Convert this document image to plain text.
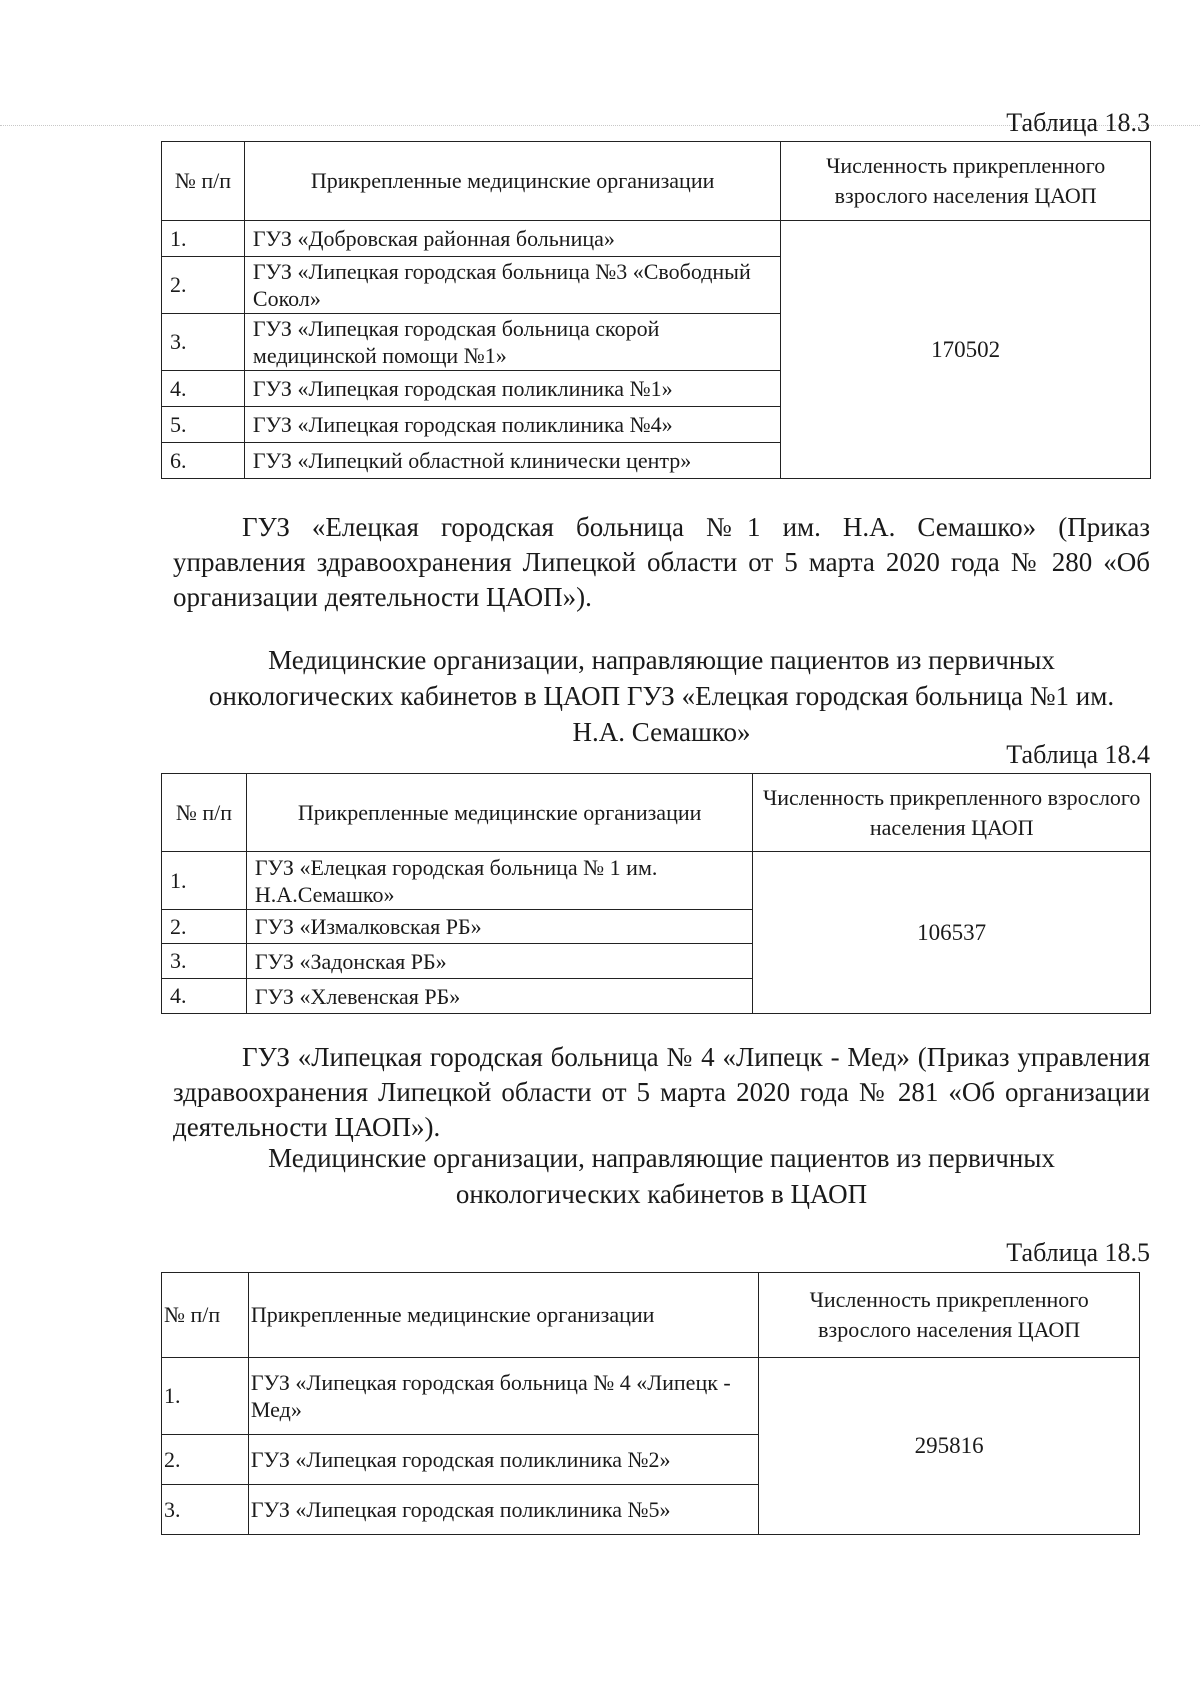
Таблица 18.3
№ п/п	Прикрепленные медицинские организации	Численность прикрепленного взрослого населения ЦАОП
1.	ГУЗ «Добровская районная больница»	170502
2.	ГУЗ «Липецкая городская больница №3 «Свободный Сокол»	
3.	ГУЗ «Липецкая городская больница скорой медицинской помощи №1»	
4.	ГУЗ «Липецкая городская поликлиника №1»	
5.	ГУЗ «Липецкая городская поликлиника №4»	
6.	ГУЗ «Липецкий областной клинически центр»	
ГУЗ «Елецкая городская больница №1 им. Н.А. Семашко» (Приказ управления здравоохранения Липецкой области от 5 марта 2020 года № 280 «Об организации деятельности ЦАОП»).
Медицинские организации, направляющие пациентов из первичных
онкологических кабинетов в ЦАОП ГУЗ «Елецкая городская больница №1 им.
Н.А. Семашко»
Таблица 18.4
№ п/п	Прикрепленные медицинские организации	Численность прикрепленного взрослого населения ЦАОП
1.	ГУЗ «Елецкая городская больница № 1 им. Н.А.Семашко»	106537
2.	ГУЗ «Измалковская РБ»	
3.	ГУЗ «Задонская РБ»	
4.	ГУЗ «Хлевенская РБ»	
ГУЗ «Липецкая городская больница № 4 «Липецк - Мед» (Приказ управления здравоохранения Липецкой области от 5 марта 2020 года № 281 «Об организации деятельности ЦАОП»).
Медицинские организации, направляющие пациентов из первичных
онкологических кабинетов в ЦАОП
Таблица 18.5
№ п/п	Прикрепленные медицинские организации	Численность прикрепленного взрослого населения ЦАОП
1.	ГУЗ «Липецкая городская больница № 4 «Липецк - Мед»	295816
2.	ГУЗ «Липецкая городская поликлиника №2»	
3.	ГУЗ «Липецкая городская поликлиника №5»	
